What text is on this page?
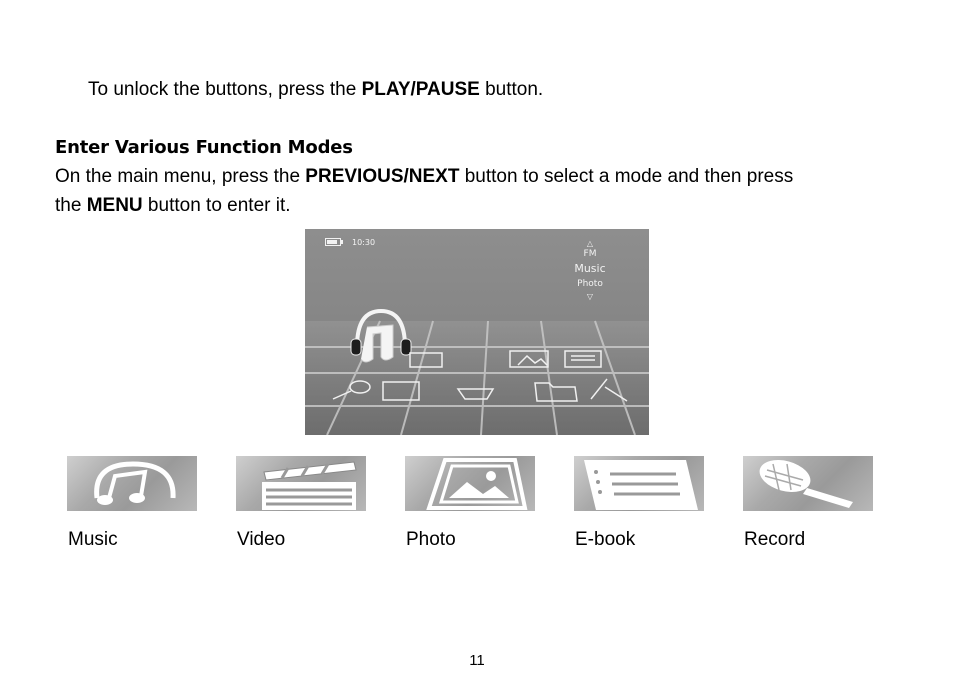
To unlock the buttons, press the PLAY/PAUSE button.
Enter Various Function Modes
On the main menu, press the PREVIOUS/NEXT button to select a mode and then press
the MENU button to enter it.
10:30	△
FM
Music
Photo
▽
Music	Video	Photo	E-book	Record
11
